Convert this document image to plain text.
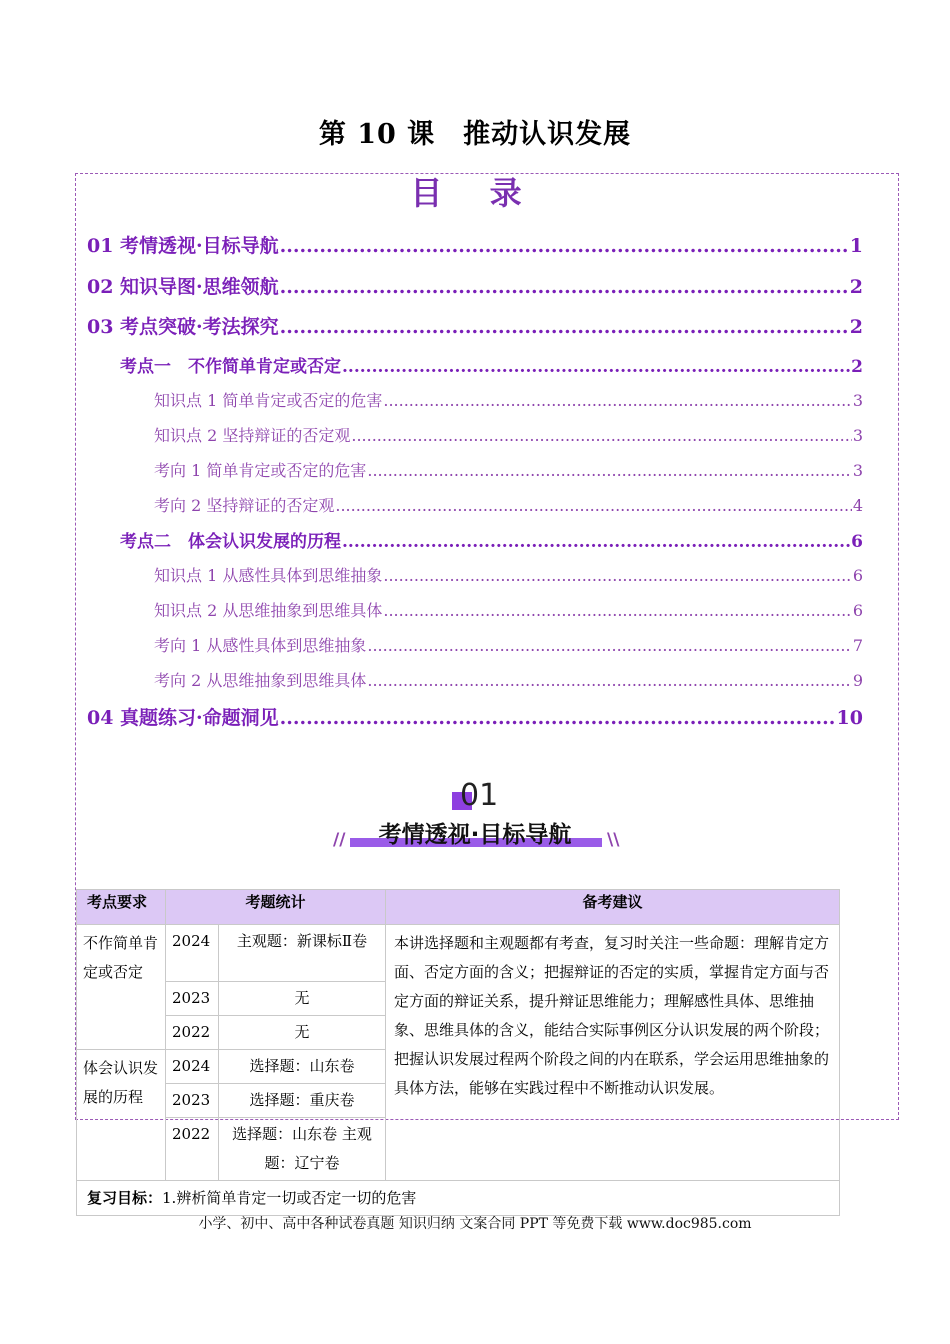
第 10 课　推动认识发展
目 录
01 考情透视·目标导航 .....	1
02 知识导图·思维领航 .....	2
03 考点突破·考法探究 .....	2
考点一　不作简单肯定或否定 .....	2
知识点 1 简单肯定或否定的危害 .....	3
知识点 2 坚持辩证的否定观 .....	3
考向 1 简单肯定或否定的危害 .....	3
考向 2 坚持辩证的否定观 .....	4
考点二　体会认识发展的历程 .....	6
知识点 1 从感性具体到思维抽象 .....	6
知识点 2 从思维抽象到思维具体 .....	6
考向 1 从感性具体到思维抽象 .....	7
考向 2 从思维抽象到思维具体 .....	9
04 真题练习·命题洞见 .....	10
01
//	\\
考情透视·目标导航
考点要求	考题统计		备考建议
不作简单肯定或否定	2024	主观题：新课标Ⅱ卷	本讲选择题和主观题都有考查，复习时关注一些命题：理解肯定方面、否定方面的含义；把握辩证的否定的实质，掌握肯定方面与否定方面的辩证关系，提升辩证思维能力；理解感性具体、思维抽象、思维具体的含义，能结合实际事例区分认识发展的两个阶段；把握认识发展过程两个阶段之间的内在联系，学会运用思维抽象的具体方法，能够在实践过程中不断推动认识发展。
	2023	无	
	2022	无	
体会认识发展的历程	2024	选择题：山东卷	
	2023	选择题：重庆卷	
	2022	选择题：山东卷 主观题：辽宁卷	
复习目标：1.辨析简单肯定一切或否定一切的危害			
小学、初中、高中各种试卷真题 知识归纳 文案合同 PPT 等免费下载 www.doc985.com
